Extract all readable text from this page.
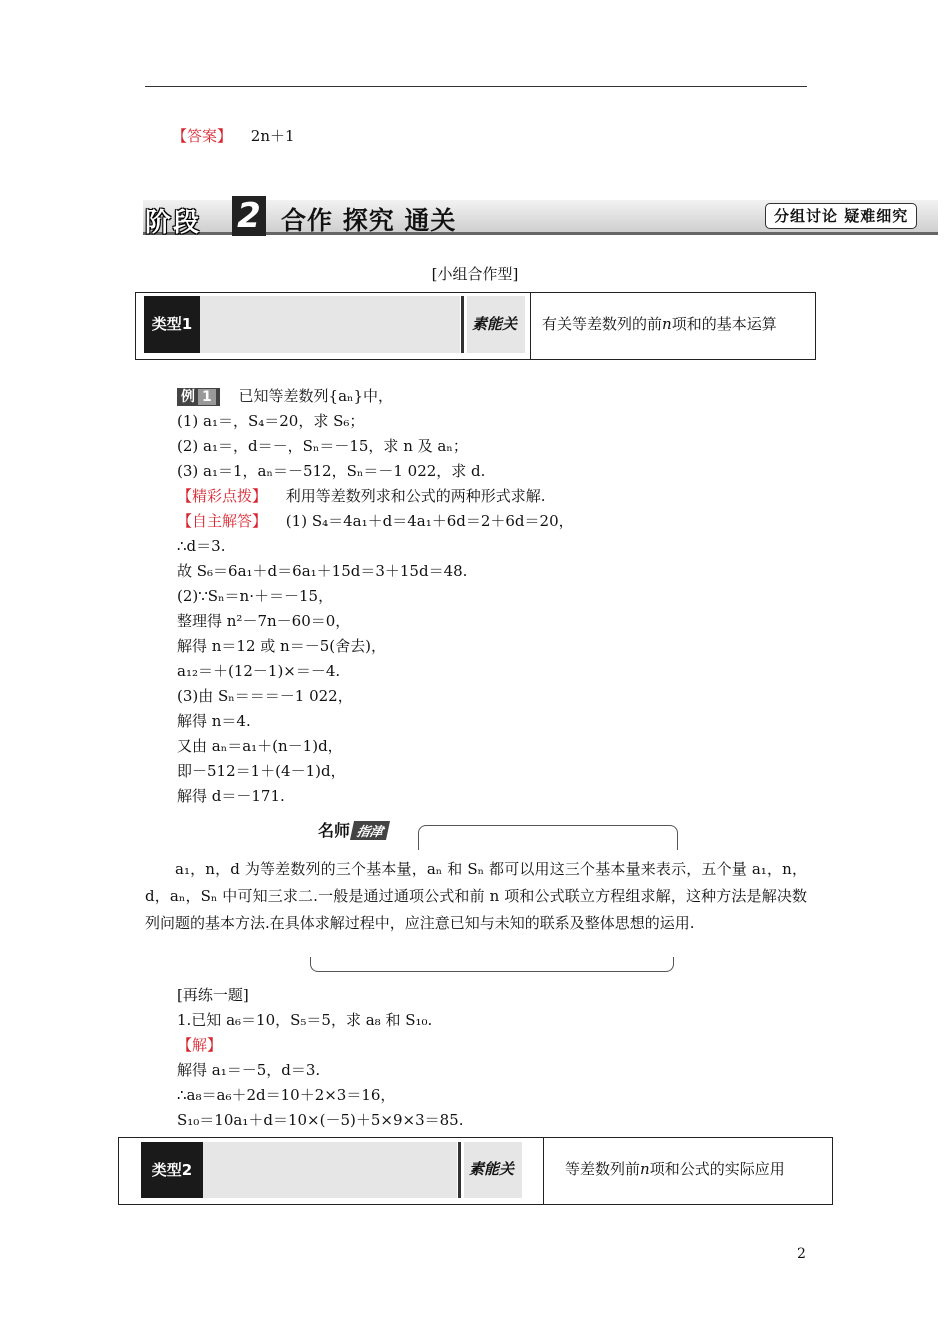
【答案】 2n＋1
阶段 2 合作 探究 通关	分组讨论 疑难细究
[小组合作型]
类型1	素能关 有关等差数列的前n项和的基本运算
例 1 已知等差数列{aₙ}中，
(1) a₁＝，S₄＝20，求 S₆；
(2) a₁＝，d＝－，Sₙ＝－15，求 n 及 aₙ；
(3) a₁＝1，aₙ＝－512，Sₙ＝－1 022，求 d.
【精彩点拨】 利用等差数列求和公式的两种形式求解.
【自主解答】 (1) S₄＝4a₁＋d＝4a₁＋6d＝2＋6d＝20，
∴d＝3.
故 S₆＝6a₁＋d＝6a₁＋15d＝3＋15d＝48.
(2)∵Sₙ＝n·＋＝－15，
整理得 n²－7n－60＝0，
解得 n＝12 或 n＝－5(舍去)，
a₁₂＝＋(12－1)×＝－4.
(3)由 Sₙ＝＝＝－1 022，
解得 n＝4.
又由 aₙ＝a₁＋(n－1)d，
即－512＝1＋(4－1)d，
解得 d＝－171.
名师 指津
a₁，n，d 为等差数列的三个基本量，aₙ 和 Sₙ 都可以用这三个基本量来表示，五个量 a₁，n，d，aₙ，Sₙ 中可知三求二.一般是通过通项公式和前 n 项和公式联立方程组求解，这种方法是解决数列问题的基本方法.在具体求解过程中，应注意已知与未知的联系及整体思想的运用.
[再练一题]
1.已知 a₆＝10，S₅＝5，求 a₈ 和 S₁₀.
【解】
解得 a₁＝－5，d＝3.
∴a₈＝a₆＋2d＝10＋2×3＝16，
S₁₀＝10a₁＋d＝10×(－5)＋5×9×3＝85.
类型2	素能关	等差数列前n项和公式的实际应用
2
